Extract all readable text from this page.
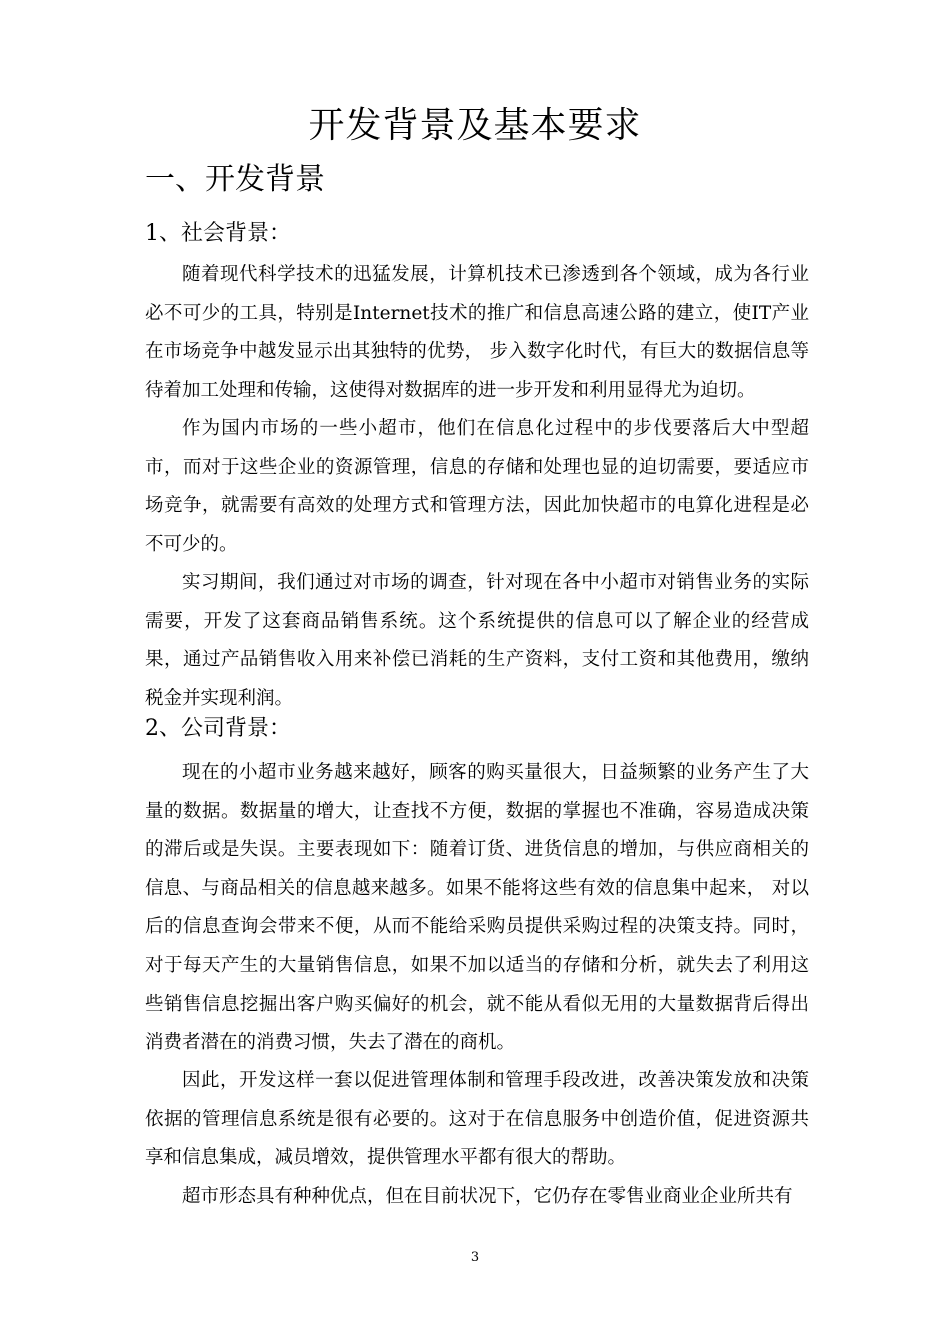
开发背景及基本要求
一、开发背景
1、社会背景：

随着现代科学技术的迅猛发展，计算机技术已渗透到各个领域，成为各行业必不可少的工具，特别是Internet技术的推广和信息高速公路的建立，使IT产业在市场竞争中越发显示出其独特的优势， 步入数字化时代，有巨大的数据信息等待着加工处理和传输，这使得对数据库的进一步开发和利用显得尤为迫切。

作为国内市场的一些小超市，他们在信息化过程中的步伐要落后大中型超市，而对于这些企业的资源管理，信息的存储和处理也显的迫切需要，要适应市场竞争，就需要有高效的处理方式和管理方法，因此加快超市的电算化进程是必不可少的。

实习期间，我们通过对市场的调查，针对现在各中小超市对销售业务的实际需要，开发了这套商品销售系统。这个系统提供的信息可以了解企业的经营成果，通过产品销售收入用来补偿已消耗的生产资料，支付工资和其他费用，缴纳税金并实现利润。

2、公司背景：

现在的小超市业务越来越好，顾客的购买量很大，日益频繁的业务产生了大量的数据。数据量的增大，让查找不方便，数据的掌握也不准确，容易造成决策的滞后或是失误。主要表现如下：随着订货、进货信息的增加，与供应商相关的信息、与商品相关的信息越来越多。如果不能将这些有效的信息集中起来， 对以后的信息查询会带来不便，从而不能给采购员提供采购过程的决策支持。同时，对于每天产生的大量销售信息，如果不加以适当的存储和分析，就失去了利用这些销售信息挖掘出客户购买偏好的机会，就不能从看似无用的大量数据背后得出消费者潜在的消费习惯，失去了潜在的商机。

因此，开发这样一套以促进管理体制和管理手段改进，改善决策发放和决策依据的管理信息系统是很有必要的。这对于在信息服务中创造价值，促进资源共享和信息集成，减员增效，提供管理水平都有很大的帮助。

超市形态具有种种优点，但在目前状况下，它仍存在零售业商业企业所共有

3
